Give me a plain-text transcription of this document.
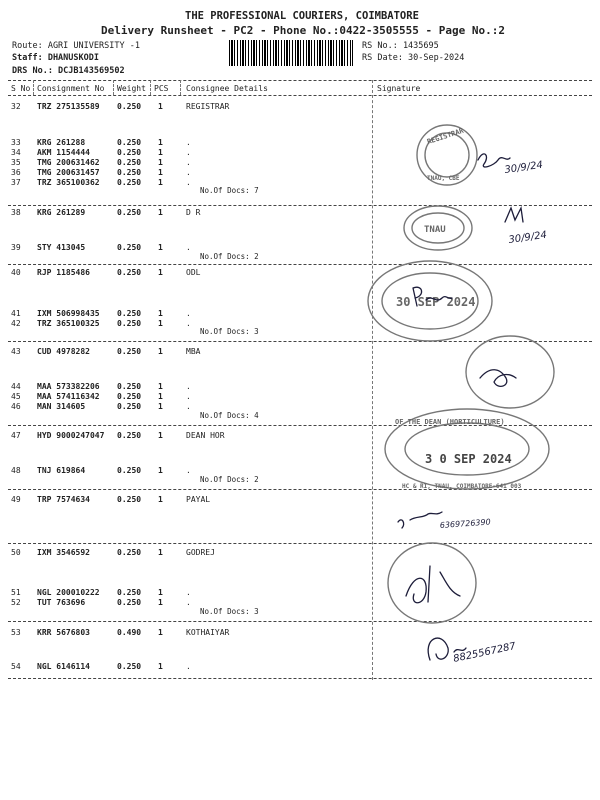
THE PROFESSIONAL COURIERS, COIMBATORE
Delivery Runsheet - PC2 - Phone No.:0422-3505555 - Page No.:2
Route: AGRI UNIVERSITY -1
Staff: DHANUSKODI
DRS No.: DCJB143569502
RS No.: 1435695
RS Date: 30-Sep-2024
S No Consignment No Weight PCS Consignee Details	Signature
32 TRZ 275135589 0.250 1	REGISTRAR
33 KRG 261288	0.250 1	.
34 AKM 1154444	0.250 1	.
35 TMG 200631462 0.250 1	.
36 TMG 200631457 0.250 1	.
37 TRZ 365100362 0.250 1	.
No.Of Docs: 7
38 KRG 261289	0.250 1	D R
39 STY 413045	0.250 1	.
No.Of Docs: 2
40 RJP 1185486	0.250 1	ODL
41 IXM 506998435 0.250 1	.
42 TRZ 365100325 0.250 1	.
No.Of Docs: 3
43 CUD 4978282	0.250 1	MBA
44 MAA 573382206 0.250 1	.
45 MAA 574116342 0.250 1	.
46 MAN 314605	0.250 1	.
No.Of Docs: 4
47 HYD 9000247047 0.250 1	DEAN HOR
48 TNJ 619864	0.250 1	.
No.Of Docs: 2
49 TRP 7574634	0.250 1	PAYAL
50 IXM 3546592	0.250 1	GODREJ
51 NGL 200010222 0.250 1	.
52 TUT 763696	0.250 1	.
No.Of Docs: 3
53 KRR 5676803	0.490 1	KOTHAIYAR
54 NGL 6146114	0.250 1	.
REGISTRAR
TNAU, CBE
TNAU
30 SEP 2024
OF THE DEAN (HORTICULTURE)
3 0 SEP 2024
HC & RI, TNAU, COIMBATORE-641 003
30/9/24
30/9/24
6369726390
8825567287
